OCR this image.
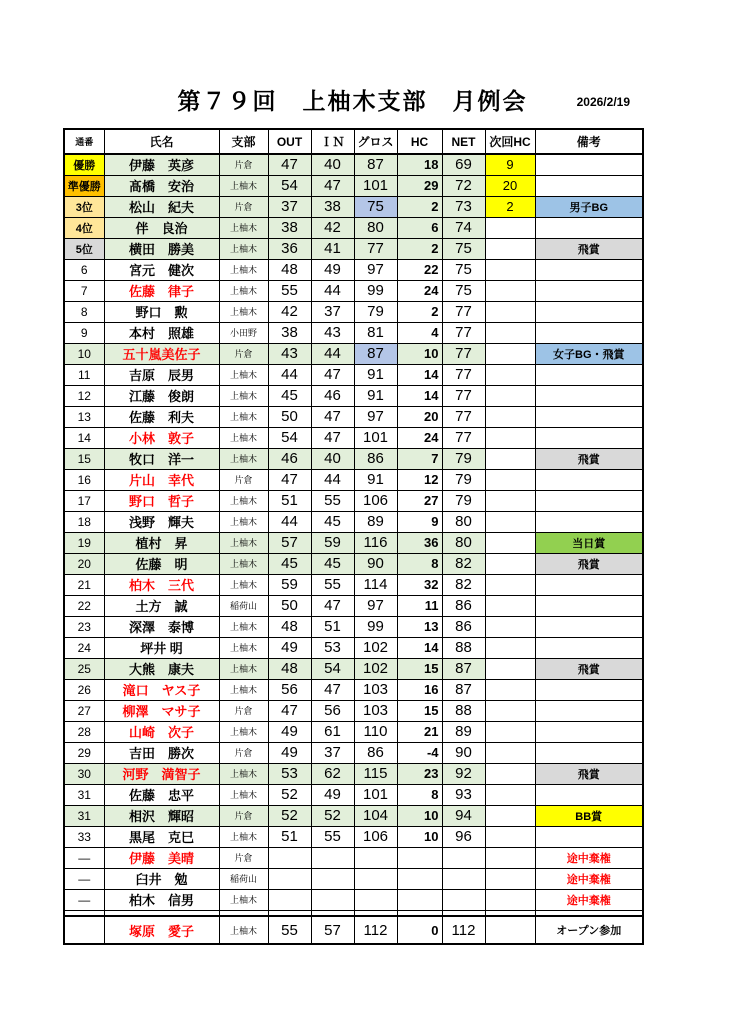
第７９回　上柚木支部　月例会	2026/2/19
通番	氏名	支部	OUT	ＩＮ	グロス	HC	NET	次回HC	備考
優勝	伊藤　英彦	片倉	47	40	87	18	69	9	
準優勝	髙橋　安治	上柚木	54	47	101	29	72	20	
3位	松山　紀夫	片倉	37	38	75	2	73	2	男子BG
4位	伴　良治	上柚木	38	42	80	6	74		
5位	横田　勝美	上柚木	36	41	77	2	75		飛賞
6	宮元　健次	上柚木	48	49	97	22	75		
7	佐藤　律子	上柚木	55	44	99	24	75		
8	野口　勲	上柚木	42	37	79	2	77		
9	本村　照雄	小田野	38	43	81	4	77		
10	五十嵐美佐子	片倉	43	44	87	10	77		女子BG・飛賞
11	吉原　辰男	上柚木	44	47	91	14	77		
12	江藤　俊朗	上柚木	45	46	91	14	77		
13	佐藤　利夫	上柚木	50	47	97	20	77		
14	小林　敦子	上柚木	54	47	101	24	77		
15	牧口　洋一	上柚木	46	40	86	7	79		飛賞
16	片山　幸代	片倉	47	44	91	12	79		
17	野口　哲子	上柚木	51	55	106	27	79		
18	浅野　輝夫	上柚木	44	45	89	9	80		
19	植村　昇	上柚木	57	59	116	36	80		当日賞
20	佐藤　明	上柚木	45	45	90	8	82		飛賞
21	柏木　三代	上柚木	59	55	114	32	82		
22	土方　誠	稲荷山	50	47	97	11	86		
23	深澤　泰博	上柚木	48	51	99	13	86		
24	坪井 明	上柚木	49	53	102	14	88		
25	大熊　康夫	上柚木	48	54	102	15	87		飛賞
26	滝口　ヤス子	上柚木	56	47	103	16	87		
27	柳澤　マサ子	片倉	47	56	103	15	88		
28	山崎　次子	上柚木	49	61	110	21	89		
29	吉田　勝次	片倉	49	37	86	-4	90		
30	河野　満智子	上柚木	53	62	115	23	92		飛賞
31	佐藤　忠平	上柚木	52	49	101	8	93		
31	相沢　輝昭	片倉	52	52	104	10	94		BB賞
33	黒尾　克巳	上柚木	51	55	106	10	96		
―	伊藤　美晴	片倉							途中棄権
―	臼井　勉	稲荷山							途中棄権
―	柏木　信男	上柚木							途中棄権

	塚原　愛子	上柚木	55	57	112	0	112		オープン参加
